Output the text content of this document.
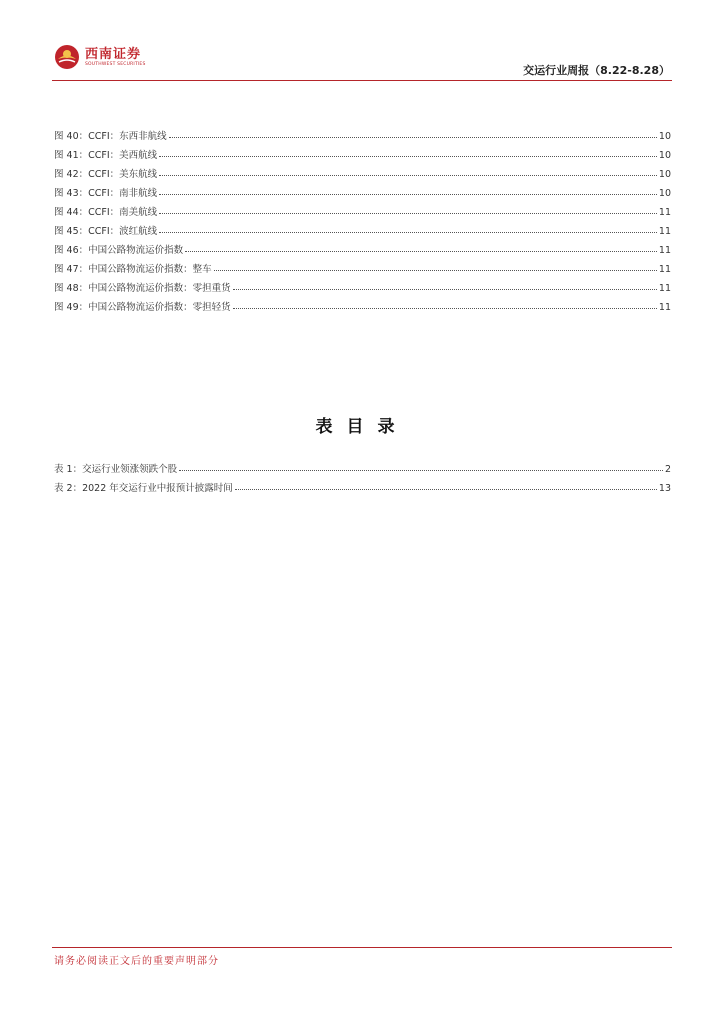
西南证券
SOUTHWEST SECURITIES	交运行业周报（8.22-8.28）
图 40：CCFI：东西非航线	10
图 41：CCFI：美西航线	10
图 42：CCFI：美东航线	10
图 43：CCFI：南非航线	10
图 44：CCFI：南美航线	11
图 45：CCFI：波红航线	11
图 46：中国公路物流运价指数	11
图 47：中国公路物流运价指数：整车	11
图 48：中国公路物流运价指数：零担重货	11
图 49：中国公路物流运价指数：零担轻货	11
表目录
表 1：交运行业领涨领跌个股	2
表 2：2022 年交运行业中报预计披露时间	13
请务必阅读正文后的重要声明部分
